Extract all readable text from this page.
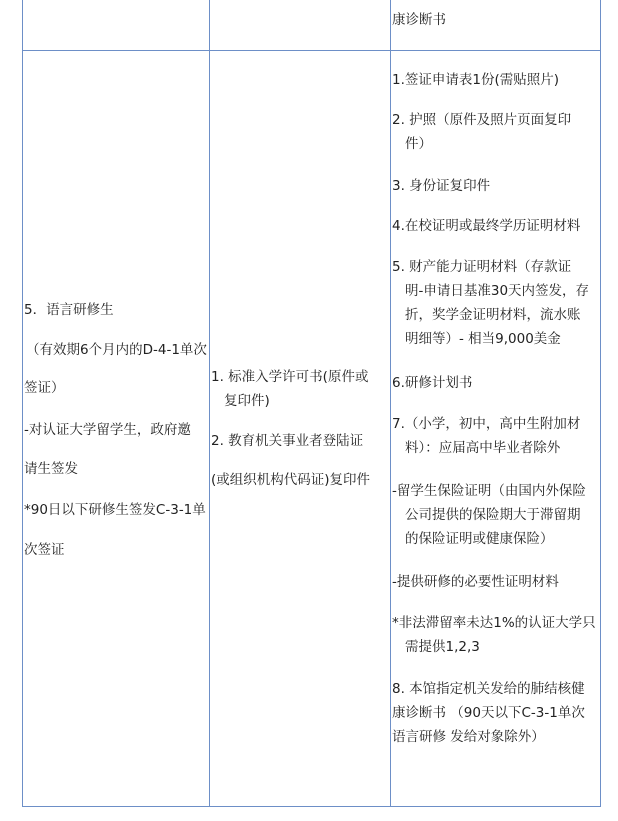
康诊断书
5．语言研修生
（有效期6个月内的D-4-1单次
签证）
-对认证大学留学生，政府邀
请生签发
*90日以下研修生签发C-3-1单
次签证
1. 标准入学许可书(原件或
复印件)
2. 教育机关事业者登陆证
(或组织机构代码证)复印件
1.签证申请表1份(需贴照片)
2. 护照（原件及照片页面复印
件）
3. 身份证复印件
4.在校证明或最终学历证明材料
5. 财产能力证明材料（存款证
明-申请日基准30天内签发，存
折，奖学金证明材料，流水账
明细等）- 相当9,000美金
6.研修计划书
7.（小学，初中，高中生附加材
料）：应届高中毕业者除外
-留学生保险证明（由国内外保险
公司提供的保险期大于滞留期
的保险证明或健康保险）
-提供研修的必要性证明材料
*非法滞留率未达1%的认证大学只
需提供1,2,3
8. 本馆指定机关发给的肺结核健
康诊断书 （90天以下C-3-1单次
语言研修 发给对象除外）
